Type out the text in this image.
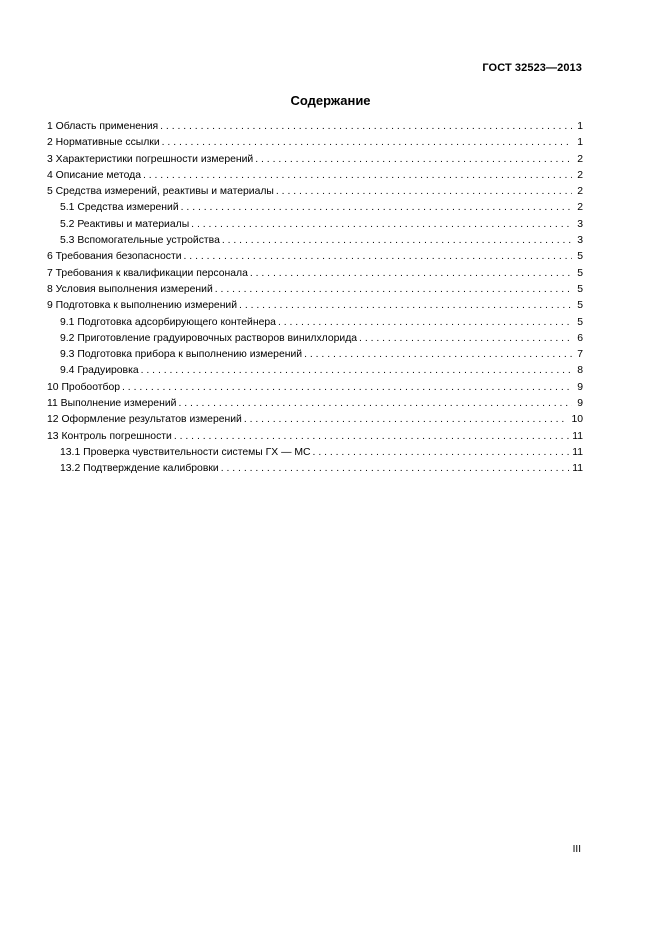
ГОСТ 32523—2013
Содержание
1 Область применения . . .	1
2 Нормативные ссылки . . .	1
3 Характеристики погрешности измерений . . .	2
4 Описание метода . . .	2
5 Средства измерений, реактивы и материалы . . .	2
5.1 Средства измерений . . .	2
5.2 Реактивы и материалы . . .	3
5.3 Вспомогательные устройства . . .	3
6 Требования безопасности . . .	5
7 Требования к квалификации персонала . . .	5
8 Условия выполнения измерений . . .	5
9 Подготовка к выполнению измерений . . .	5
9.1 Подготовка адсорбирующего контейнера . . .	5
9.2 Приготовление градуировочных растворов винилхлорида . . .	6
9.3 Подготовка прибора к выполнению измерений . . .	7
9.4 Градуировка . . .	8
10 Пробоотбор . . .	9
11 Выполнение измерений . . .	9
12 Оформление результатов измерений . . .	10
13 Контроль погрешности . . .	11
13.1 Проверка чувствительности системы ГХ — МС . . .	11
13.2 Подтверждение калибровки . . .	11
III
